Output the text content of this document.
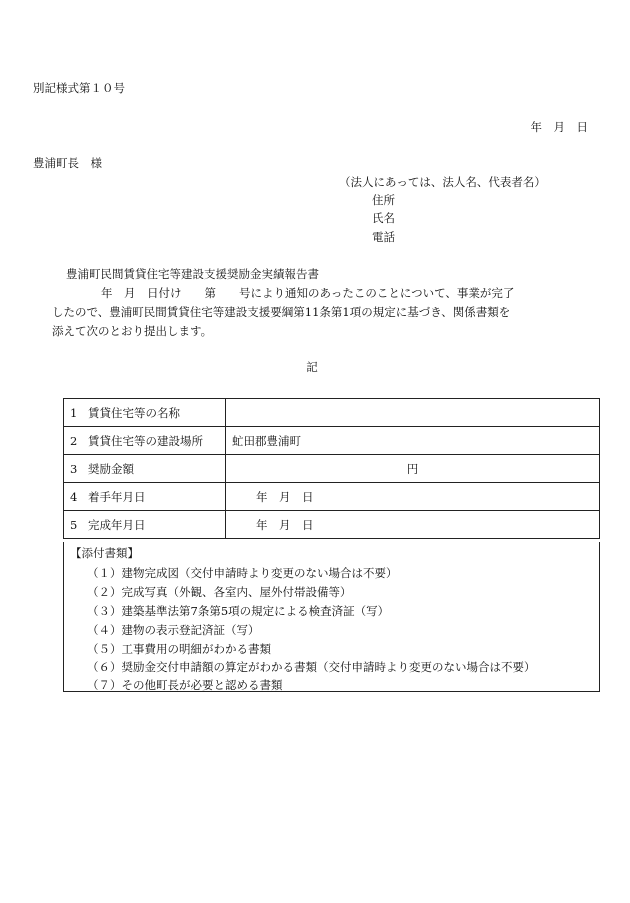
別記様式第１０号
年　月　日
豊浦町長　様
（法人にあっては、法人名、代表者名）
住所
氏名
電話
豊浦町民間賃貸住宅等建設支援奨励金実績報告書
年　月　日付け　　第　　号により通知のあったこのことについて、事業が完了
したので、豊浦町民間賃貸住宅等建設支援要綱第11条第1項の規定に基づき、関係書類を
添えて次のとおり提出します。
記
1 賃貸住宅等の名称	
2 賃貸住宅等の建設場所	虻田郡豊浦町
3 奨励金額	円
4 着手年月日	年　月　日
5 完成年月日	年　月　日
【添付書類】
（１）建物完成図（交付申請時より変更のない場合は不要）
（２）完成写真（外観、各室内、屋外付帯設備等）
（３）建築基準法第7条第5項の規定による検査済証（写）
（４）建物の表示登記済証（写）
（５）工事費用の明細がわかる書類
（６）奨励金交付申請額の算定がわかる書類（交付申請時より変更のない場合は不要）
（７）その他町長が必要と認める書類
